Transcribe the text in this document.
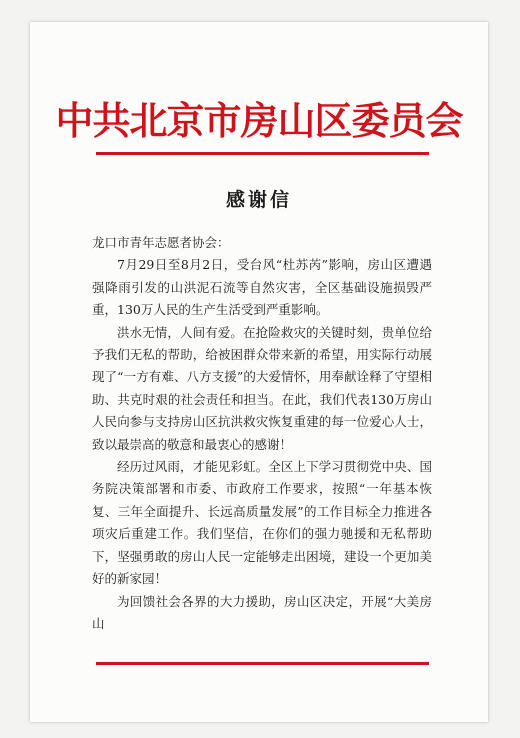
中共北京市房山区委员会
感谢信

龙口市青年志愿者协会：

7月29日至8月2日，受台风“杜苏芮”影响，房山区遭遇强降雨引发的山洪泥石流等自然灾害，全区基础设施损毁严重，130万人民的生产生活受到严重影响。

洪水无情，人间有爱。在抢险救灾的关键时刻，贵单位给予我们无私的帮助，给被困群众带来新的希望，用实际行动展现了“一方有难、八方支援”的大爱情怀，用奉献诠释了守望相助、共克时艰的社会责任和担当。在此，我们代表130万房山人民向参与支持房山区抗洪救灾恢复重建的每一位爱心人士，致以最崇高的敬意和最衷心的感谢！

经历过风雨，才能见彩虹。全区上下学习贯彻党中央、国务院决策部署和市委、市政府工作要求，按照“一年基本恢复、三年全面提升、长远高质量发展”的工作目标全力推进各项灾后重建工作。我们坚信，在你们的强力驰援和无私帮助下，坚强勇敢的房山人民一定能够走出困境，建设一个更加美好的新家园！

为回馈社会各界的大力援助，房山区决定，开展“大美房山
